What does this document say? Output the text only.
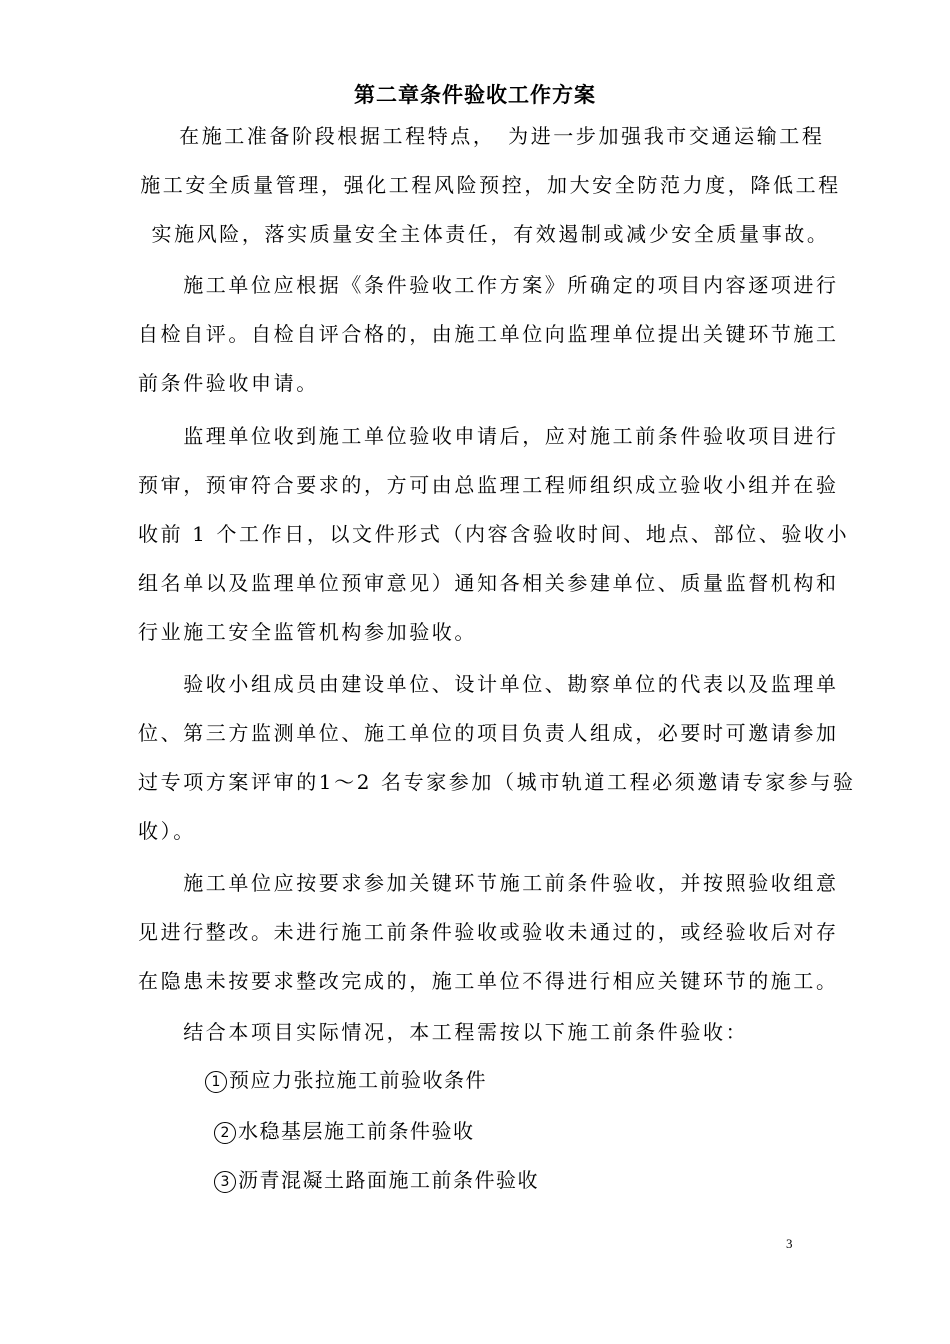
第二章条件验收工作方案
　在施工准备阶段根据工程特点，　为进一步加强我市交通运输工程
施工安全质量管理，强化工程风险预控，加大安全防范力度，降低工程
实施风险，落实质量安全主体责任，有效遏制或减少安全质量事故。
　　施工单位应根据《条件验收工作方案》所确定的项目内容逐项进行
自检自评。自检自评合格的，由施工单位向监理单位提出关键环节施工
前条件验收申请。
　　监理单位收到施工单位验收申请后，应对施工前条件验收项目进行
预审，预审符合要求的，方可由总监理工程师组织成立验收小组并在验
收前 1 个工作日，以文件形式（内容含验收时间、地点、部位、验收小
组名单以及监理单位预审意见）通知各相关参建单位、质量监督机构和
行业施工安全监管机构参加验收。
　　验收小组成员由建设单位、设计单位、勘察单位的代表以及监理单
位、第三方监测单位、施工单位的项目负责人组成，必要时可邀请参加
过专项方案评审的1～2 名专家参加（城市轨道工程必须邀请专家参与验
收）。
　　施工单位应按要求参加关键环节施工前条件验收，并按照验收组意
见进行整改。未进行施工前条件验收或验收未通过的，或经验收后对存
在隐患未按要求整改完成的，施工单位不得进行相应关键环节的施工。
　　结合本项目实际情况，本工程需按以下施工前条件验收：
1 预应力张拉施工前验收条件
2 水稳基层施工前条件验收
3 沥青混凝土路面施工前条件验收
3
